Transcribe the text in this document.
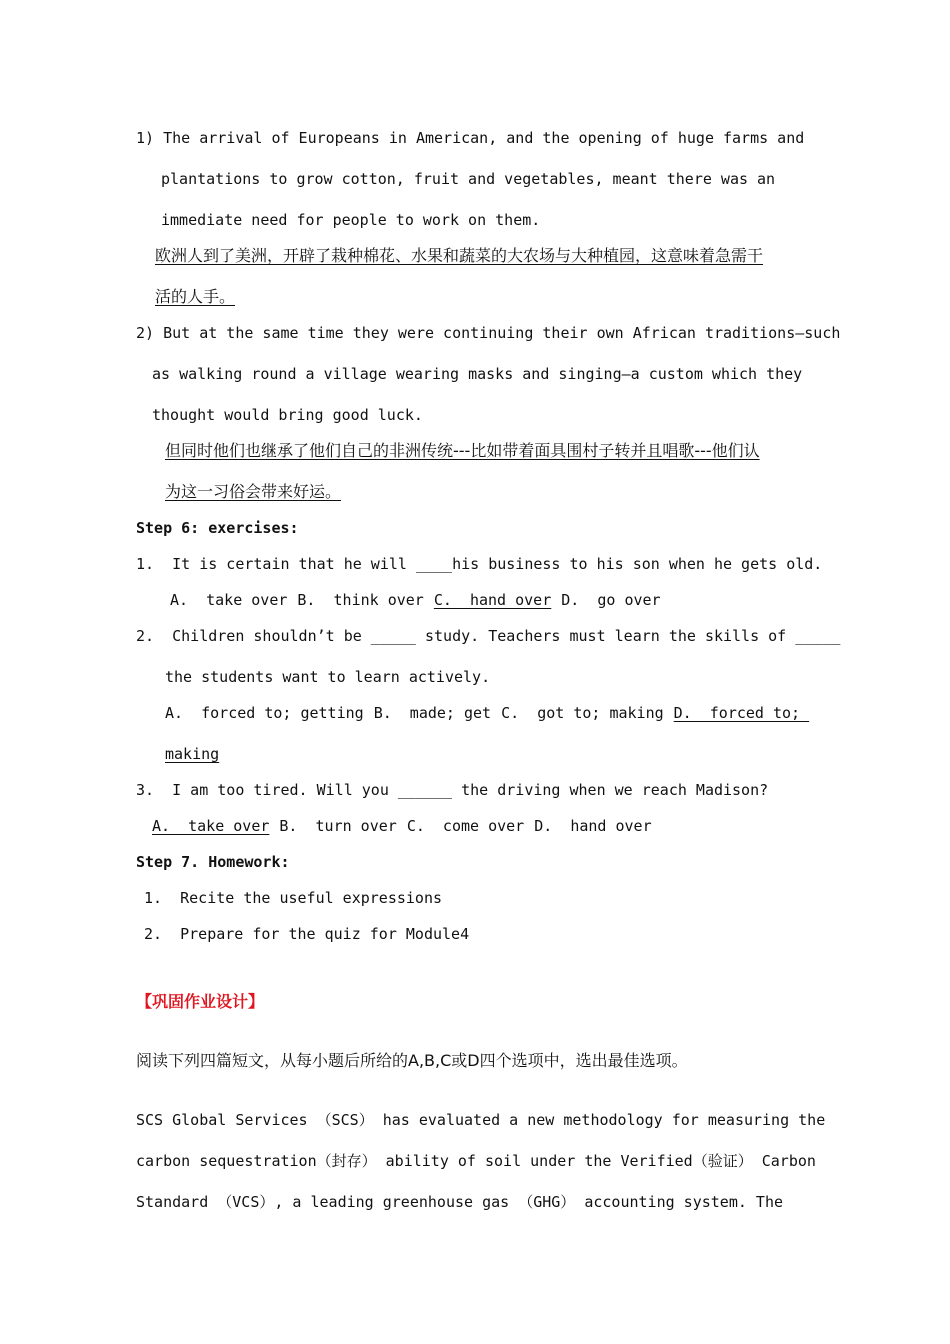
1) The arrival of Europeans in American, and the opening of huge farms and
plantations to grow cotton, fruit and vegetables, meant there was an
immediate need for people to work on them.
欧洲人到了美洲，开辟了栽种棉花、水果和蔬菜的大农场与大种植园，这意味着急需干
活的人手。
2) But at the same time they were continuing their own African traditions—such
as walking round a village wearing masks and singing—a custom which they
thought would bring good luck.
但同时他们也继承了他们自己的非洲传统---比如带着面具围村子转并且唱歌---他们认
为这一习俗会带来好运。
Step 6: exercises:
1.  It is certain that he will ____his business to his son when he gets old.
A.  take over B.  think over C.  hand over D.  go over
2.  Children shouldn’t be _____ study. Teachers must learn the skills of _____
the students want to learn actively.
A.  forced to; getting B.  made; get C.  got to; making D.  forced to;
making
3.  I am too tired. Will you ______ the driving when we reach Madison?
A.  take over B.  turn over C.  come over D.  hand over
Step 7. Homework:
1.  Recite the useful expressions
2.  Prepare for the quiz for Module4
【巩固作业设计】
阅读下列四篇短文，从每小题后所给的A,B,C或D四个选项中，选出最佳选项。
SCS Global Services （SCS） has evaluated a new methodology for measuring the
carbon sequestration（封存） ability of soil under the Verified（验证） Carbon
Standard （VCS）, a leading greenhouse gas （GHG） accounting system. The
